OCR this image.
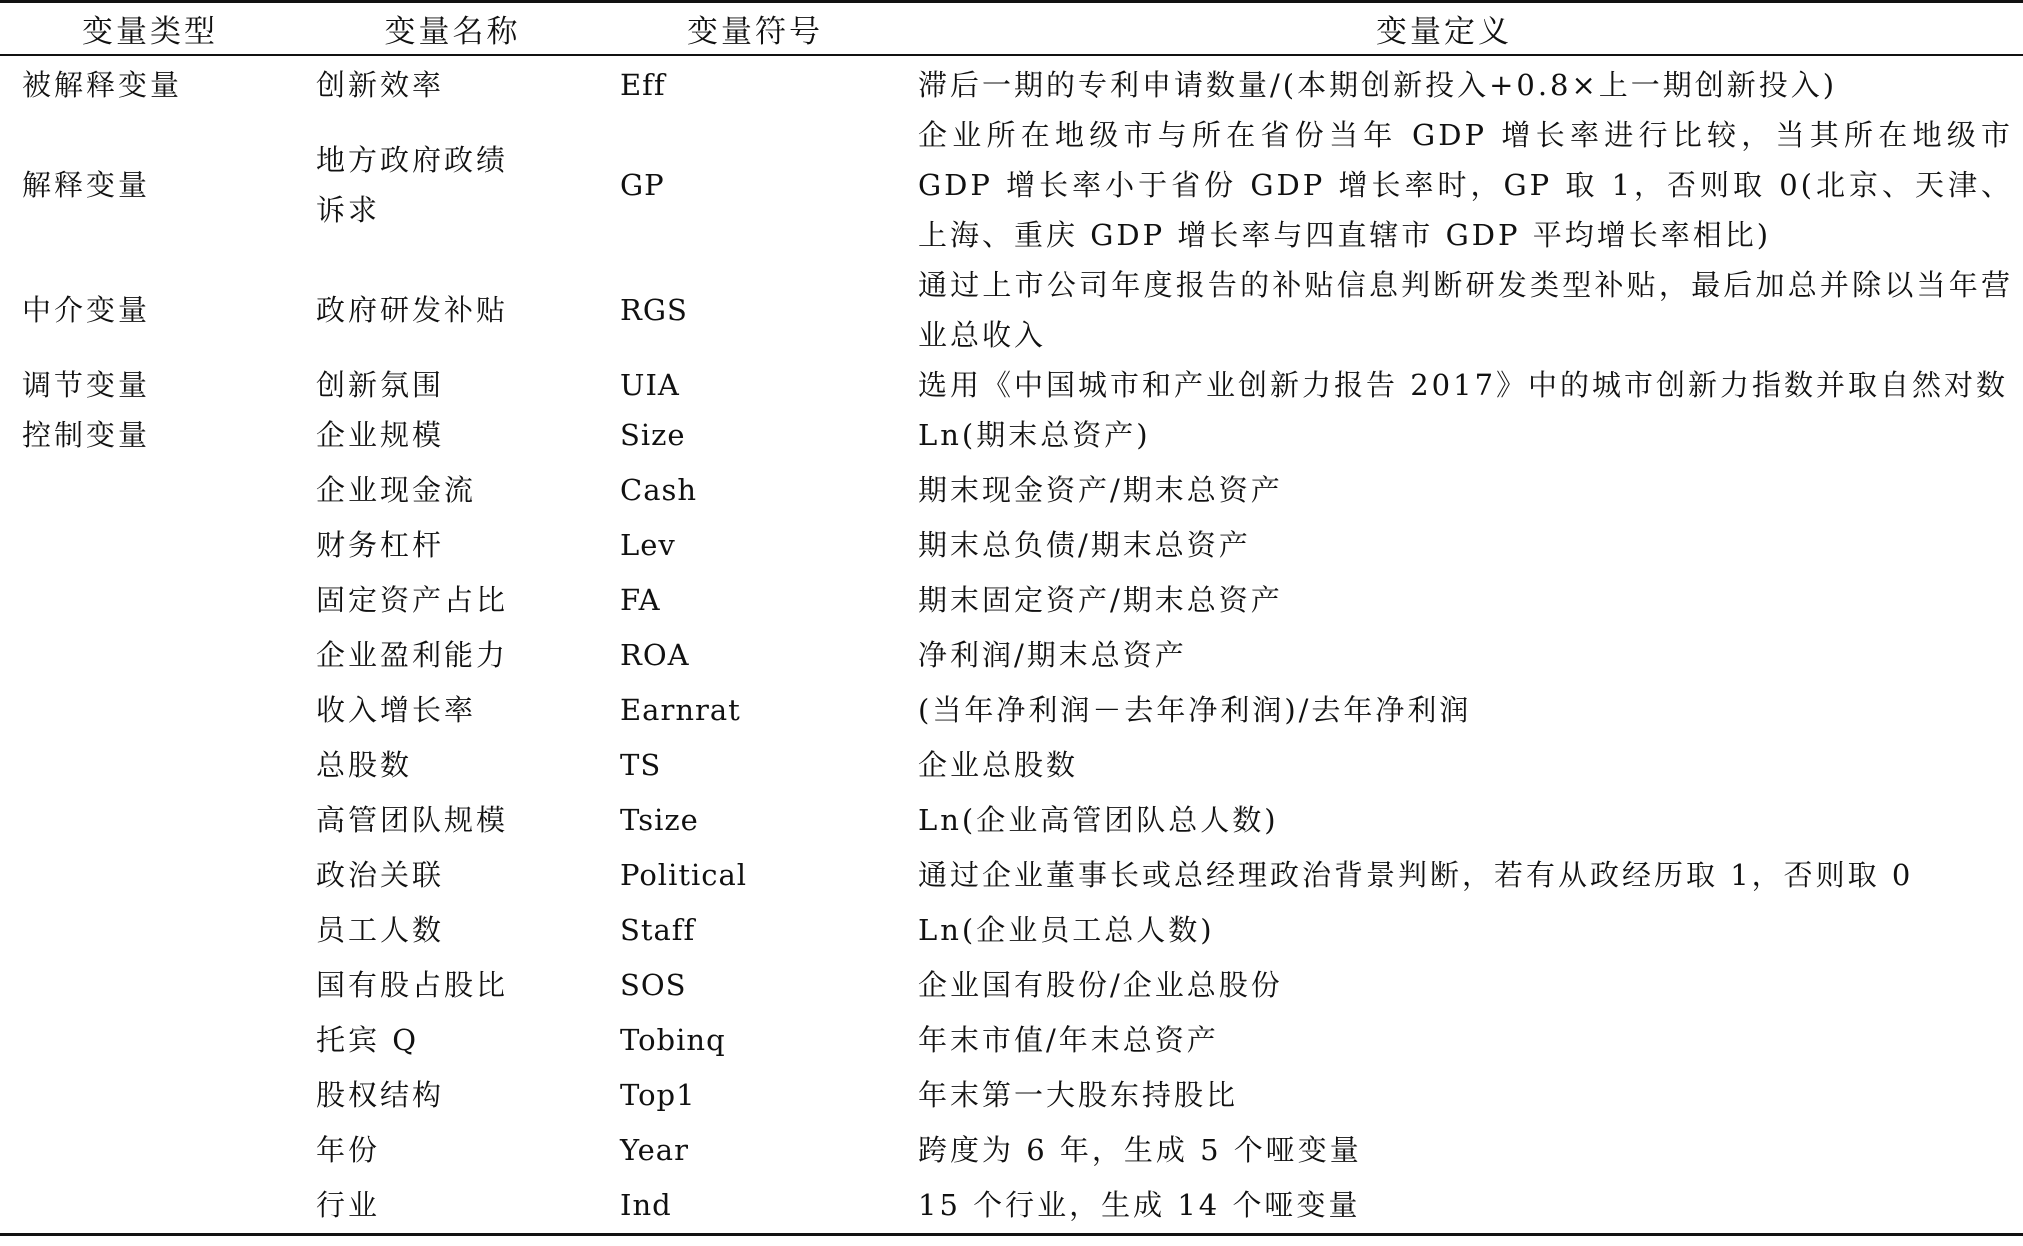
变量类型	变量名称	变量符号	变量定义
被解释变量	创新效率	Eff	滞后一期的专利申请数量/(本期创新投入+0.8×上一期创新投入)
解释变量	地方政府政绩诉求	GP	企业所在地级市与所在省份当年 GDP 增长率进行比较，当其所在地级市 GDP 增长率小于省份 GDP 增长率时，GP 取 1，否则取 0(北京、天津、上海、重庆 GDP 增长率与四直辖市 GDP 平均增长率相比)
中介变量	政府研发补贴	RGS	通过上市公司年度报告的补贴信息判断研发类型补贴，最后加总并除以当年营业总收入
调节变量	创新氛围	UIA	选用《中国城市和产业创新力报告 2017》中的城市创新力指数并取自然对数
控制变量	企业规模	Size	Ln(期末总资产)
	企业现金流	Cash	期末现金资产/期末总资产
	财务杠杆	Lev	期末总负债/期末总资产
	固定资产占比	FA	期末固定资产/期末总资产
	企业盈利能力	ROA	净利润/期末总资产
	收入增长率	Earnrat	(当年净利润－去年净利润)/去年净利润
	总股数	TS	企业总股数
	高管团队规模	Tsize	Ln(企业高管团队总人数)
	政治关联	Political	通过企业董事长或总经理政治背景判断，若有从政经历取 1，否则取 0
	员工人数	Staff	Ln(企业员工总人数)
	国有股占股比	SOS	企业国有股份/企业总股份
	托宾 Q	Tobinq	年末市值/年末总资产
	股权结构	Top1	年末第一大股东持股比
	年份	Year	跨度为 6 年，生成 5 个哑变量
	行业	Ind	15 个行业，生成 14 个哑变量
